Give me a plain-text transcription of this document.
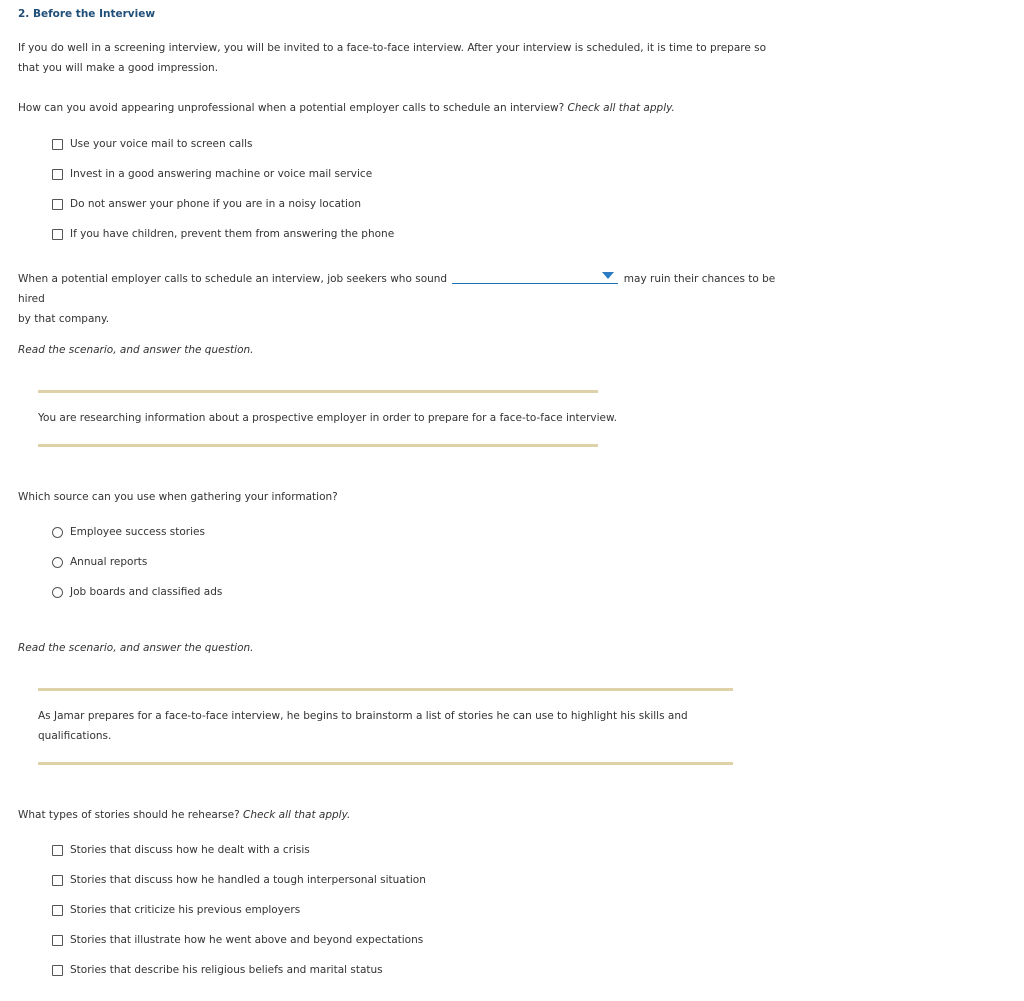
2. Before the Interview
If you do well in a screening interview, you will be invited to a face-to-face interview. After your interview is scheduled, it is time to prepare so that you will make a good impression.
How can you avoid appearing unprofessional when a potential employer calls to schedule an interview? Check all that apply.
Use your voice mail to screen calls
Invest in a good answering machine or voice mail service
Do not answer your phone if you are in a noisy location
If you have children, prevent them from answering the phone
When a potential employer calls to schedule an interview, job seekers who sound	may ruin their chances to be hired
by that company.
Read the scenario, and answer the question.
You are researching information about a prospective employer in order to prepare for a face-to-face interview.
Which source can you use when gathering your information?
Employee success stories
Annual reports
Job boards and classified ads
Read the scenario, and answer the question.
As Jamar prepares for a face-to-face interview, he begins to brainstorm a list of stories he can use to highlight his skills and qualifications.
What types of stories should he rehearse? Check all that apply.
Stories that discuss how he dealt with a crisis
Stories that discuss how he handled a tough interpersonal situation
Stories that criticize his previous employers
Stories that illustrate how he went above and beyond expectations
Stories that describe his religious beliefs and marital status
